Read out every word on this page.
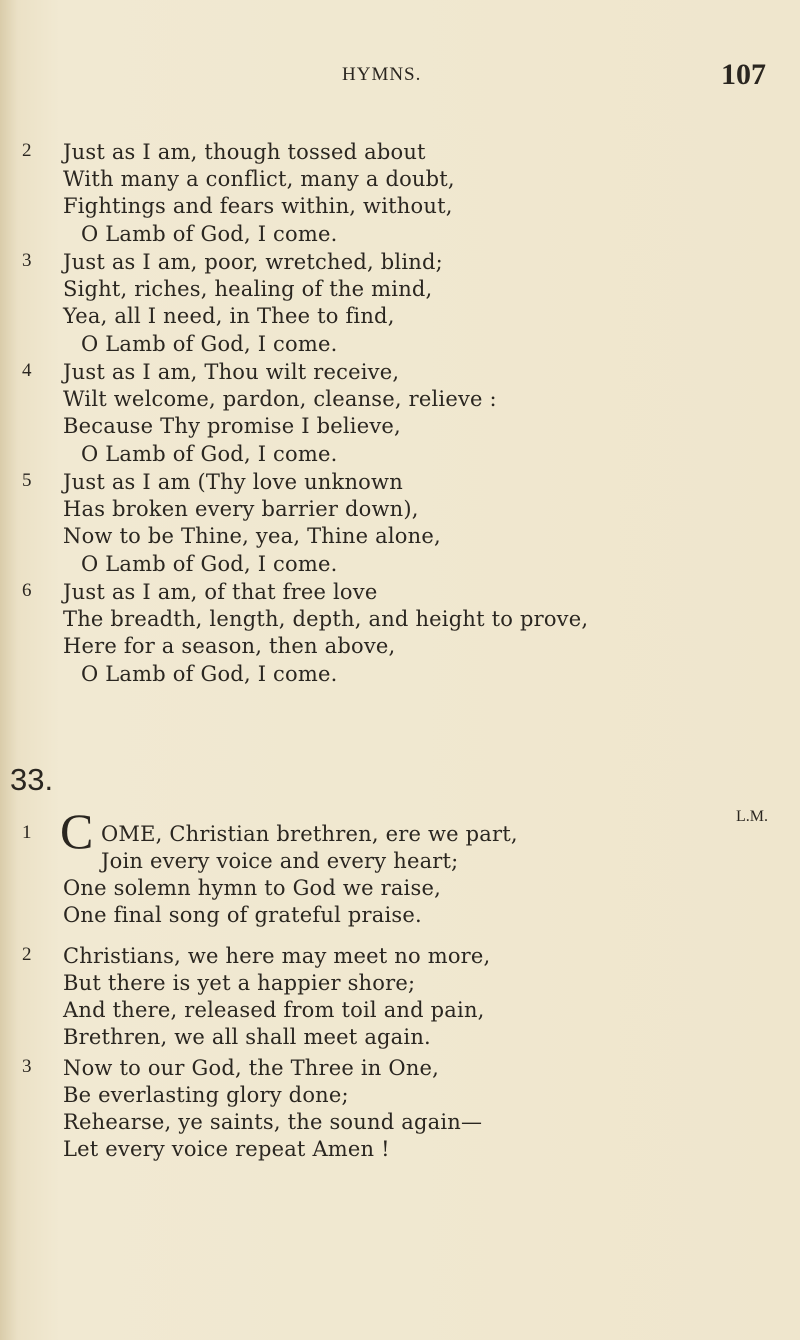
HYMNS.	107
2 Just as I am, though tossed about
With many a conflict, many a doubt,
Fightings and fears within, without,
O Lamb of God, I come.
3 Just as I am, poor, wretched, blind;
Sight, riches, healing of the mind,
Yea, all I need, in Thee to find,
O Lamb of God, I come.
4 Just as I am, Thou wilt receive,
Wilt welcome, pardon, cleanse, relieve :
Because Thy promise I believe,
O Lamb of God, I come.
5 Just as I am (Thy love unknown
Has broken every barrier down),
Now to be Thine, yea, Thine alone,
O Lamb of God, I come.
6 Just as I am, of that free love
The breadth, length, depth, and height to prove,
Here for a season, then above,
O Lamb of God, I come.
33.
L.M.
1 C OME, Christian brethren, ere we part,
Join every voice and every heart;
One solemn hymn to God we raise,
One final song of grateful praise.
2 Christians, we here may meet no more,
But there is yet a happier shore;
And there, released from toil and pain,
Brethren, we all shall meet again.
3 Now to our God, the Three in One,
Be everlasting glory done;
Rehearse, ye saints, the sound again—
Let every voice repeat Amen !
